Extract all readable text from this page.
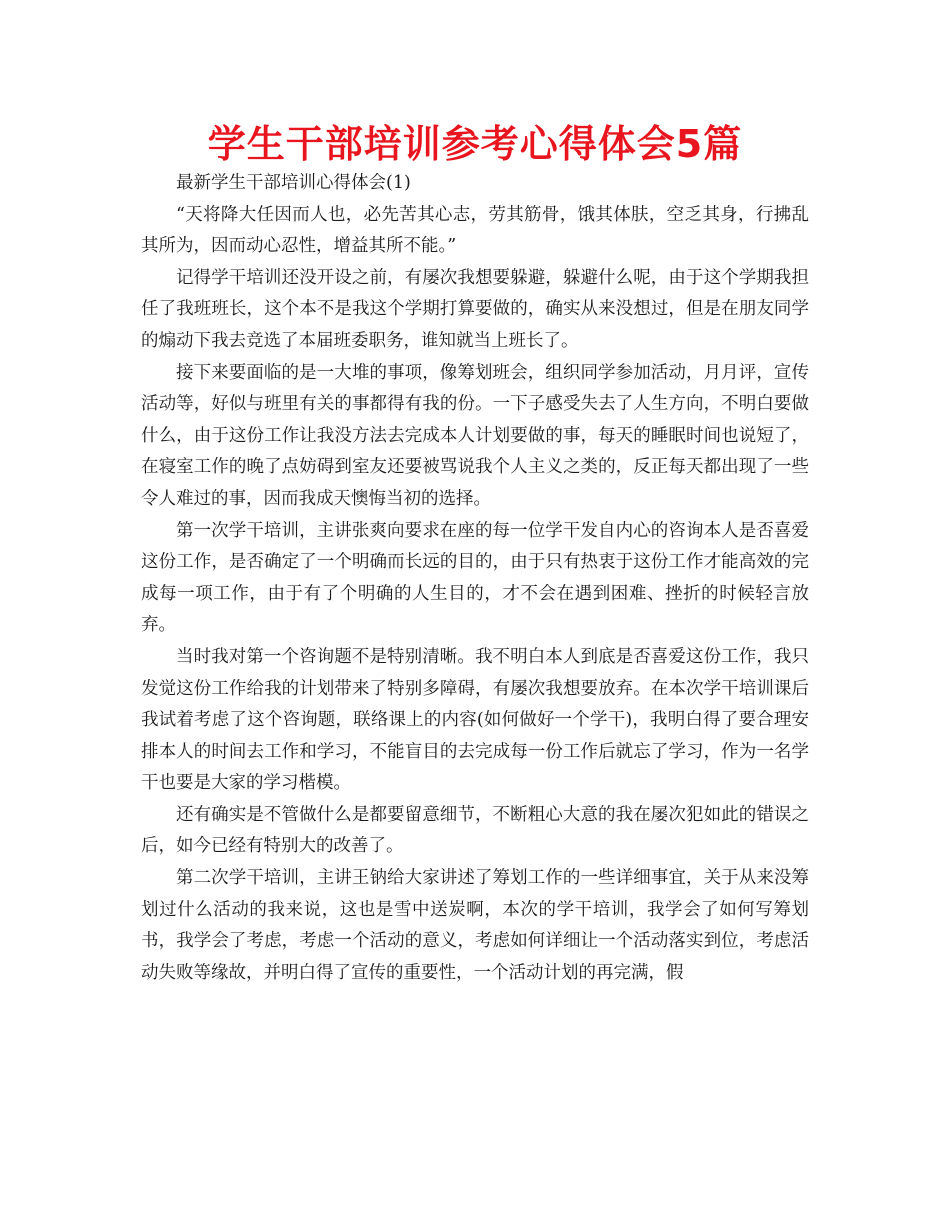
学生干部培训参考心得体会5篇

最新学生干部培训心得体会(1)

“天将降大任因而人也，必先苦其心志，劳其筋骨，饿其体肤，空乏其身，行拂乱其所为，因而动心忍性，增益其所不能。”

记得学干培训还没开设之前，有屡次我想要躲避，躲避什么呢，由于这个学期我担任了我班班长，这个本不是我这个学期打算要做的，确实从来没想过，但是在朋友同学的煽动下我去竞选了本届班委职务，谁知就当上班长了。

接下来要面临的是一大堆的事项，像筹划班会，组织同学参加活动，月月评，宣传活动等，好似与班里有关的事都得有我的份。一下子感受失去了人生方向，不明白要做什么，由于这份工作让我没方法去完成本人计划要做的事，每天的睡眠时间也说短了，在寝室工作的晚了点妨碍到室友还要被骂说我个人主义之类的，反正每天都出现了一些令人难过的事，因而我成天懊悔当初的选择。

第一次学干培训，主讲张爽向要求在座的每一位学干发自内心的咨询本人是否喜爱这份工作，是否确定了一个明确而长远的目的，由于只有热衷于这份工作才能高效的完成每一项工作，由于有了个明确的人生目的，才不会在遇到困难、挫折的时候轻言放弃。

当时我对第一个咨询题不是特别清晰。我不明白本人到底是否喜爱这份工作，我只发觉这份工作给我的计划带来了特别多障碍，有屡次我想要放弃。在本次学干培训课后我试着考虑了这个咨询题，联络课上的内容(如何做好一个学干)，我明白得了要合理安排本人的时间去工作和学习，不能盲目的去完成每一份工作后就忘了学习，作为一名学干也要是大家的学习楷模。

还有确实是不管做什么是都要留意细节，不断粗心大意的我在屡次犯如此的错误之后，如今已经有特别大的改善了。

第二次学干培训，主讲王钠给大家讲述了筹划工作的一些详细事宜，关于从来没筹划过什么活动的我来说，这也是雪中送炭啊，本次的学干培训，我学会了如何写筹划书，我学会了考虑，考虑一个活动的意义，考虑如何详细让一个活动落实到位，考虑活动失败等缘故，并明白得了宣传的重要性，一个活动计划的再完满，假
